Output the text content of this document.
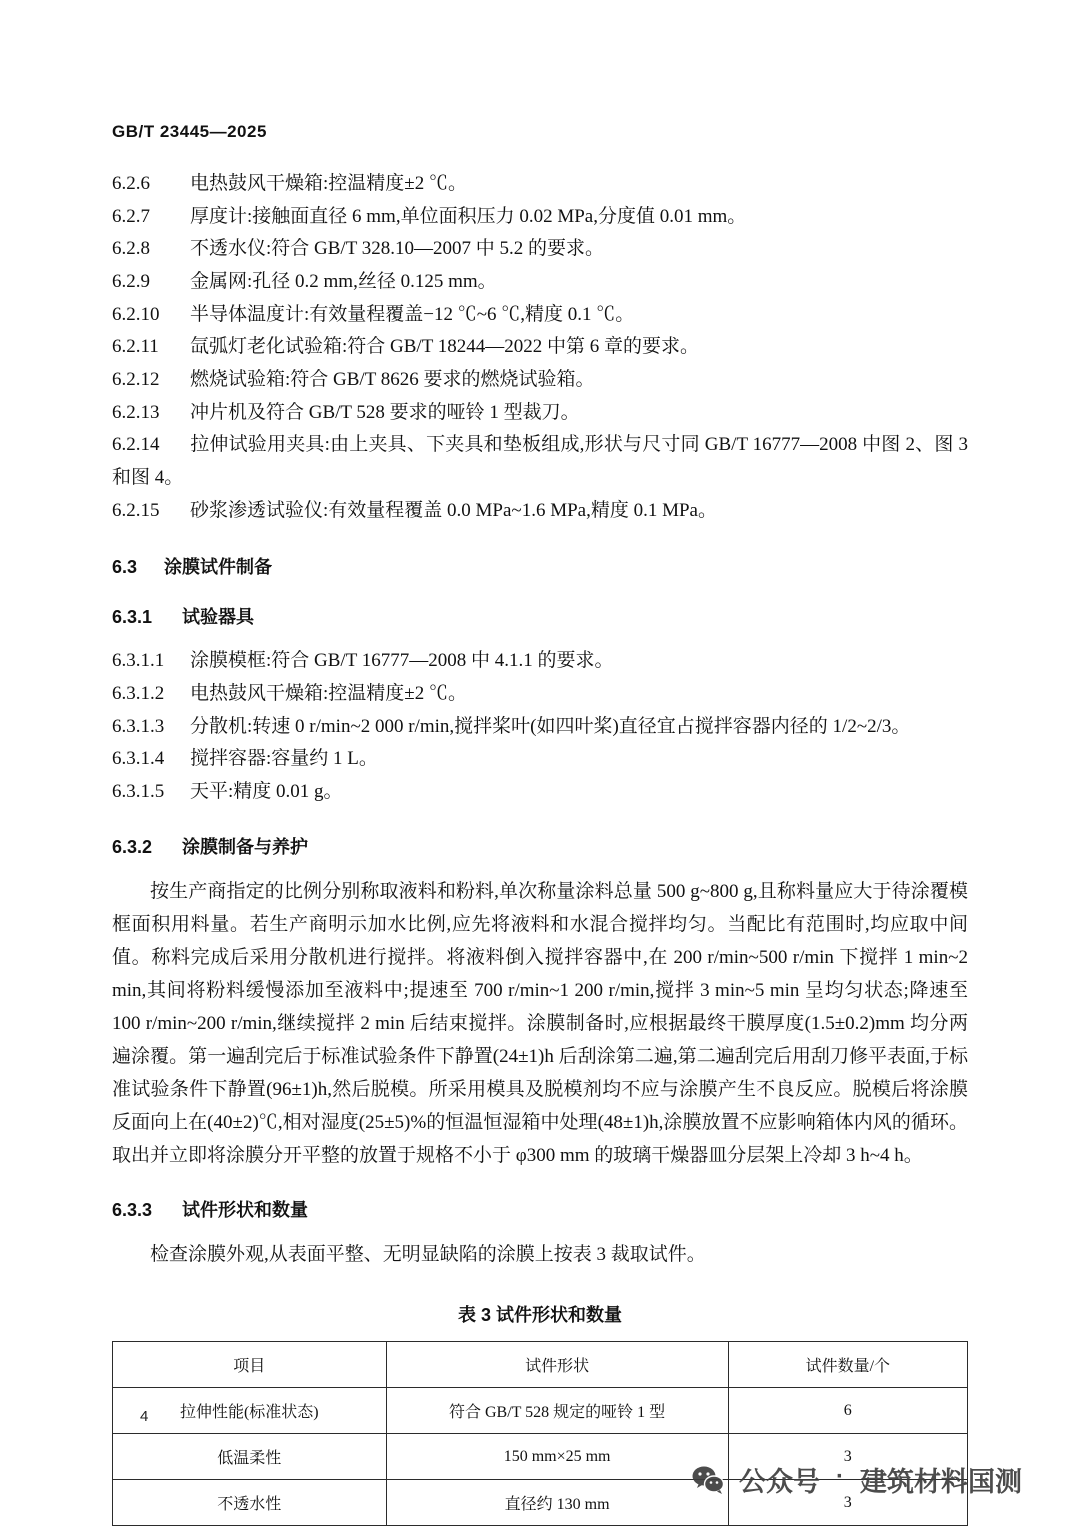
GB/T 23445—2025

6.2.6 电热鼓风干燥箱:控温精度±2 ℃。

6.2.7 厚度计:接触面直径 6 mm,单位面积压力 0.02 MPa,分度值 0.01 mm。

6.2.8 不透水仪:符合 GB/T 328.10—2007 中 5.2 的要求。

6.2.9 金属网:孔径 0.2 mm,丝径 0.125 mm。

6.2.10 半导体温度计:有效量程覆盖−12 ℃~6 ℃,精度 0.1 ℃。

6.2.11 氙弧灯老化试验箱:符合 GB/T 18244—2022 中第 6 章的要求。

6.2.12 燃烧试验箱:符合 GB/T 8626 要求的燃烧试验箱。

6.2.13 冲片机及符合 GB/T 528 要求的哑铃 1 型裁刀。

6.2.14 拉伸试验用夹具:由上夹具、下夹具和垫板组成,形状与尺寸同 GB/T 16777—2008 中图 2、图 3 和图 4。

6.2.15 砂浆渗透试验仪:有效量程覆盖 0.0 MPa~1.6 MPa,精度 0.1 MPa。

6.3 涂膜试件制备
6.3.1 试验器具

6.3.1.1 涂膜模框:符合 GB/T 16777—2008 中 4.1.1 的要求。

6.3.1.2 电热鼓风干燥箱:控温精度±2 ℃。

6.3.1.3 分散机:转速 0 r/min~2 000 r/min,搅拌桨叶(如四叶桨)直径宜占搅拌容器内径的 1/2~2/3。

6.3.1.4 搅拌容器:容量约 1 L。

6.3.1.5 天平:精度 0.01 g。

6.3.2 涂膜制备与养护

按生产商指定的比例分别称取液料和粉料,单次称量涂料总量 500 g~800 g,且称料量应大于待涂覆模框面积用料量。若生产商明示加水比例,应先将液料和水混合搅拌均匀。当配比有范围时,均应取中间值。称料完成后采用分散机进行搅拌。将液料倒入搅拌容器中,在 200 r/min~500 r/min 下搅拌 1 min~2 min,其间将粉料缓慢添加至液料中;提速至 700 r/min~1 200 r/min,搅拌 3 min~5 min 呈均匀状态;降速至 100 r/min~200 r/min,继续搅拌 2 min 后结束搅拌。涂膜制备时,应根据最终干膜厚度(1.5±0.2)mm 均分两遍涂覆。第一遍刮完后于标准试验条件下静置(24±1)h 后刮涂第二遍,第二遍刮完后用刮刀修平表面,于标准试验条件下静置(96±1)h,然后脱模。所采用模具及脱模剂均不应与涂膜产生不良反应。脱模后将涂膜反面向上在(40±2)℃,相对湿度(25±5)%的恒温恒湿箱中处理(48±1)h,涂膜放置不应影响箱体内风的循环。取出并立即将涂膜分开平整的放置于规格不小于 φ300 mm 的玻璃干燥器皿分层架上冷却 3 h~4 h。

6.3.3 试件形状和数量

检查涂膜外观,从表面平整、无明显缺陷的涂膜上按表 3 裁取试件。

表 3 试件形状和数量
项目	试件形状	试件数量/个
拉伸性能(标准状态)	符合 GB/T 528 规定的哑铃 1 型	6
低温柔性	150 mm×25 mm	3
不透水性	直径约 130 mm	3
4
公众号 · 建筑材料国测
